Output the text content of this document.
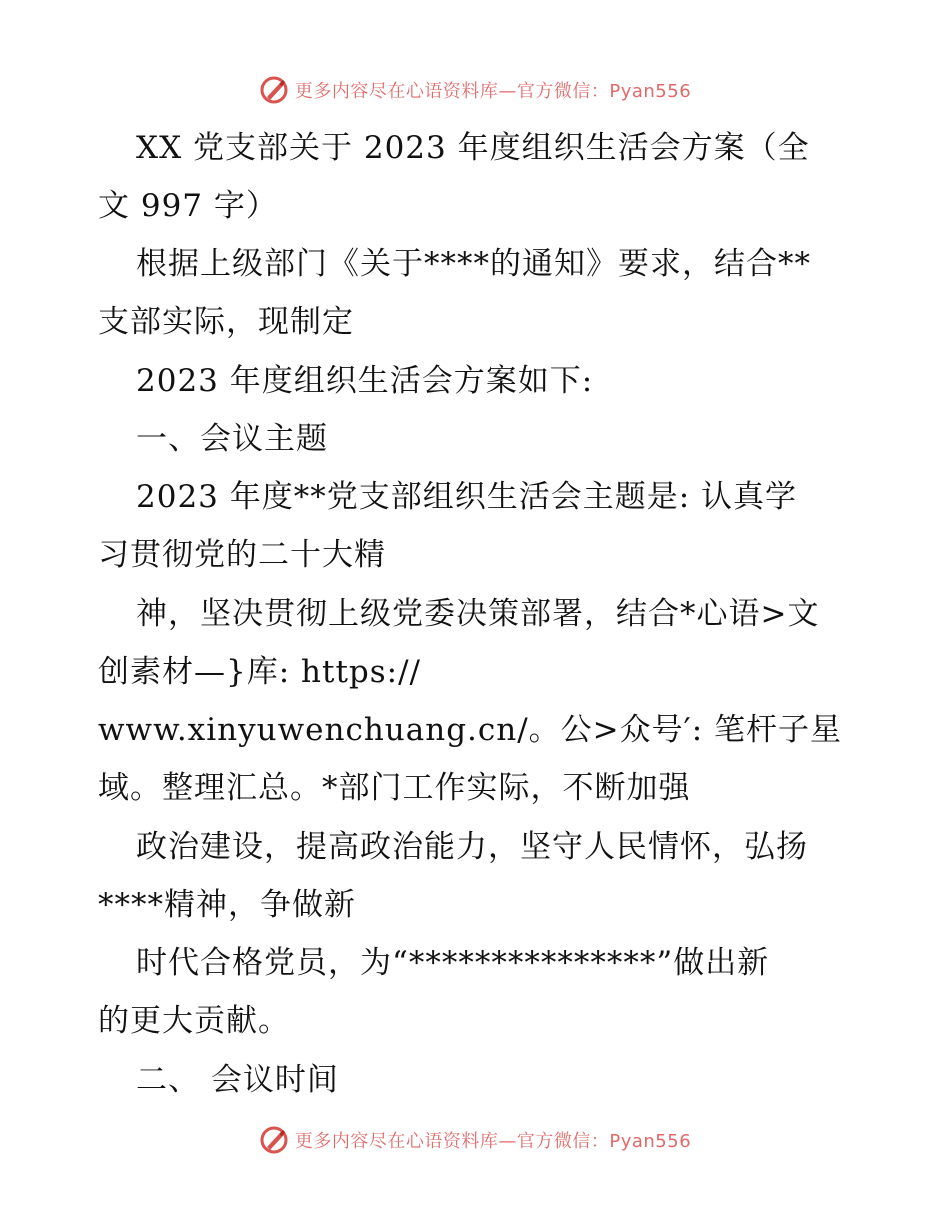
更多内容尽在心语资料库—官方微信：Pyan556
XX 党支部关于 2023 年度组织生活会方案（全
文 997 字）
根据上级部门《关于****的通知》要求，结合**
支部实际，现制定
2023 年度组织生活会方案如下:
一、会议主题
2023 年度**党支部组织生活会主题是: 认真学
习贯彻党的二十大精
神，坚决贯彻上级党委决策部署，结合*心语>文
创素材—}库: https://
www.xinyuwenchuang.cn/。公>众号′: 笔杆子星
域。整理汇总。*部门工作实际，不断加强
政治建设，提高政治能力，坚守人民情怀，弘扬
****精神，争做新
时代合格党员，为“***************”做出新
的更大贡献。
二、 会议时间
更多内容尽在心语资料库—官方微信：Pyan556
